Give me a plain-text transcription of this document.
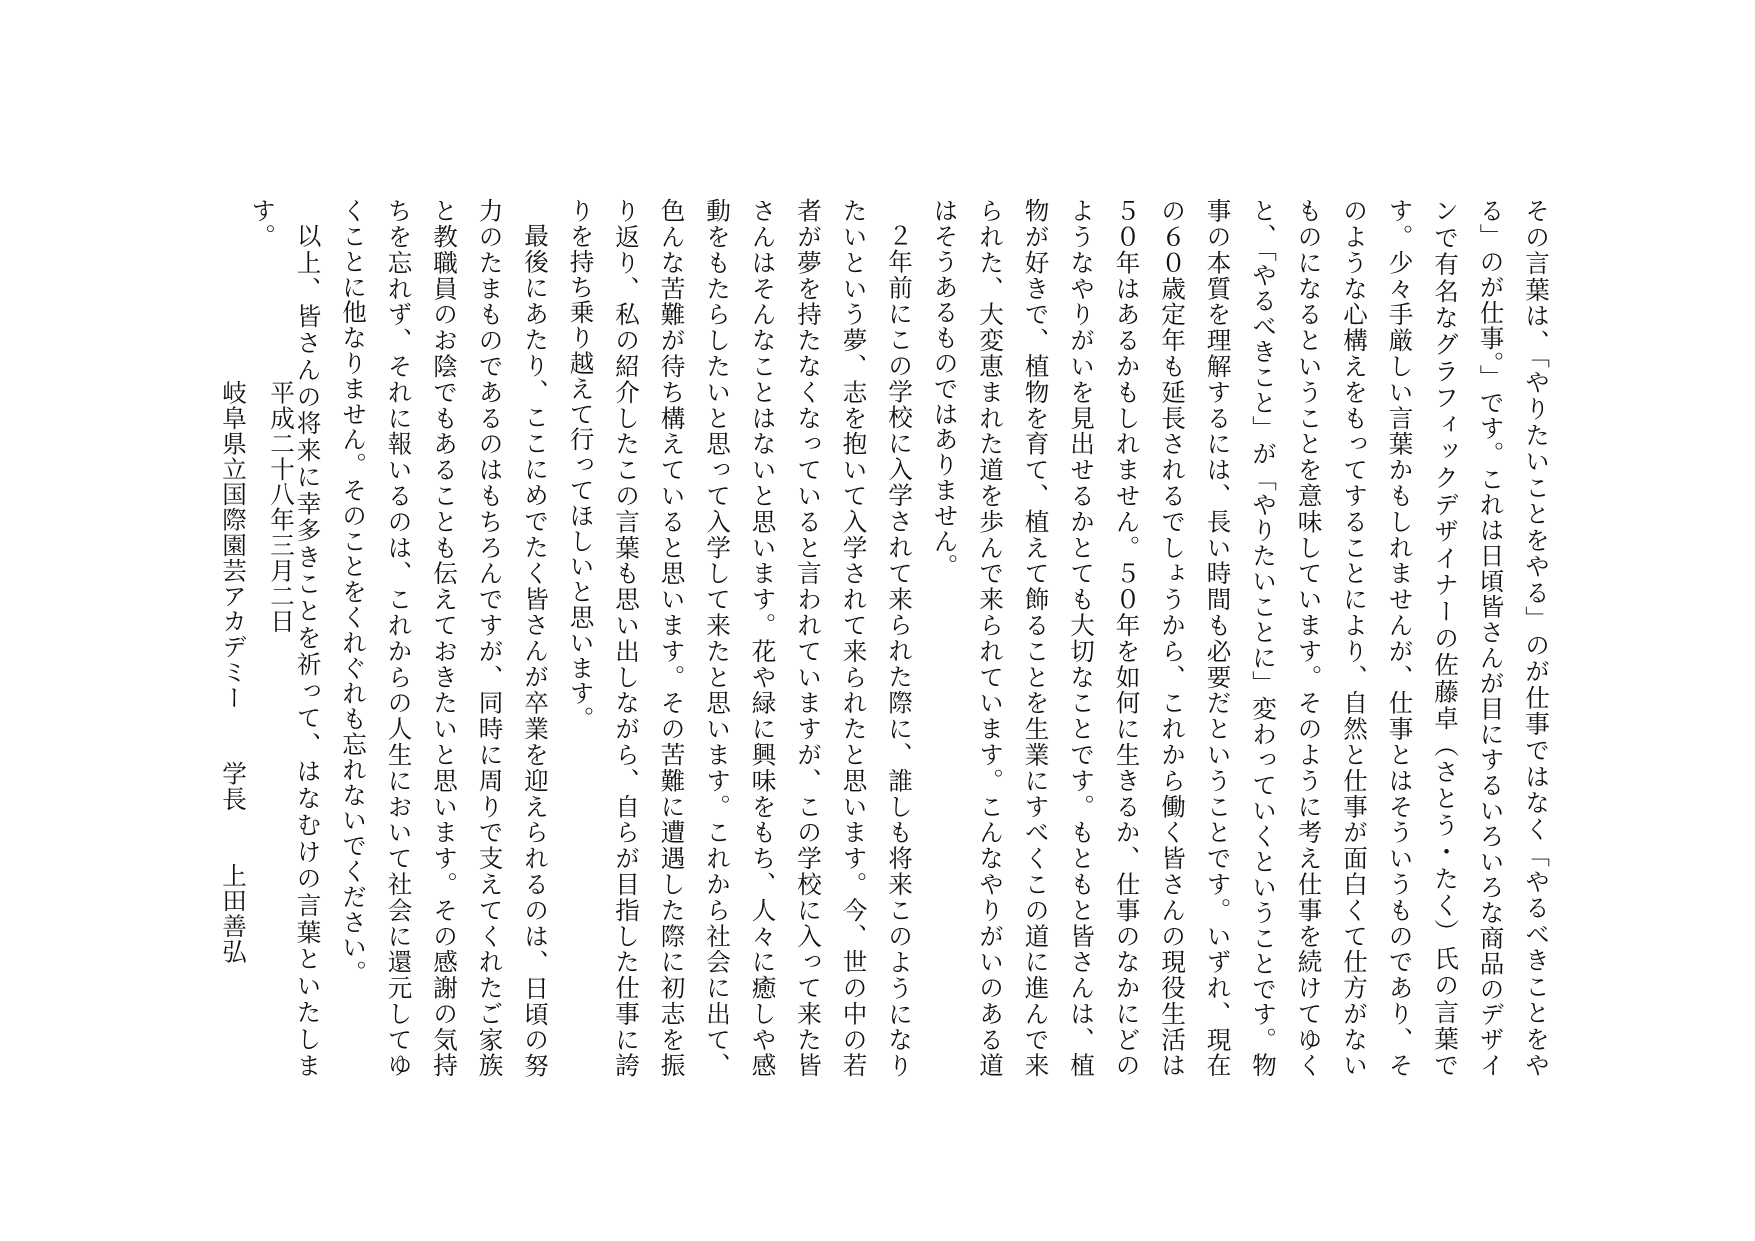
その言葉は、「やりたいことをやる」のが仕事ではなく「やるべきことをやる」のが仕事。」です。これは日頃皆さんが目にするいろいろな商品のデザインで有名なグラフィックデザイナーの佐藤卓（さとう・たく）氏の言葉です。少々手厳しい言葉かもしれませんが、仕事とはそういうものであり、そのような心構えをもってすることにより、自然と仕事が面白くて仕方がないものになるということを意味しています。そのように考え仕事を続けてゆくと、「やるべきこと」が「やりたいことに」変わっていくということです。物事の本質を理解するには、長い時間も必要だということです。いずれ、現在の６０歳定年も延長されるでしょうから、これから働く皆さんの現役生活は５０年はあるかもしれません。５０年を如何に生きるか、仕事のなかにどのようなやりがいを見出せるかとても大切なことです。もともと皆さんは、植物が好きで、植物を育て、植えて飾ることを生業にすべくこの道に進んで来られた、大変恵まれた道を歩んで来られています。こんなやりがいのある道はそうあるものではありません。

２年前にこの学校に入学されて来られた際に、誰しも将来このようになりたいという夢、志を抱いて入学されて来られたと思います。今、世の中の若者が夢を持たなくなっていると言われていますが、この学校に入って来た皆さんはそんなことはないと思います。花や緑に興味をもち、人々に癒しや感動をもたらしたいと思って入学して来たと思います。これから社会に出て、色んな苦難が待ち構えていると思います。その苦難に遭遇した際に初志を振り返り、私の紹介したこの言葉も思い出しながら、自らが目指した仕事に誇りを持ち乗り越えて行ってほしいと思います。

最後にあたり、ここにめでたく皆さんが卒業を迎えられるのは、日頃の努力のたまものであるのはもちろんですが、同時に周りで支えてくれたご家族と教職員のお陰でもあることも伝えておきたいと思います。その感謝の気持ちを忘れず、それに報いるのは、これからの人生において社会に還元してゆくことに他なりません。そのことをくれぐれも忘れないでください。

以上、皆さんの将来に幸多きことを祈って、はなむけの言葉といたします。

平成二十八年三月二日

岐阜県立国際園芸アカデミー　　学長　　上田善弘
